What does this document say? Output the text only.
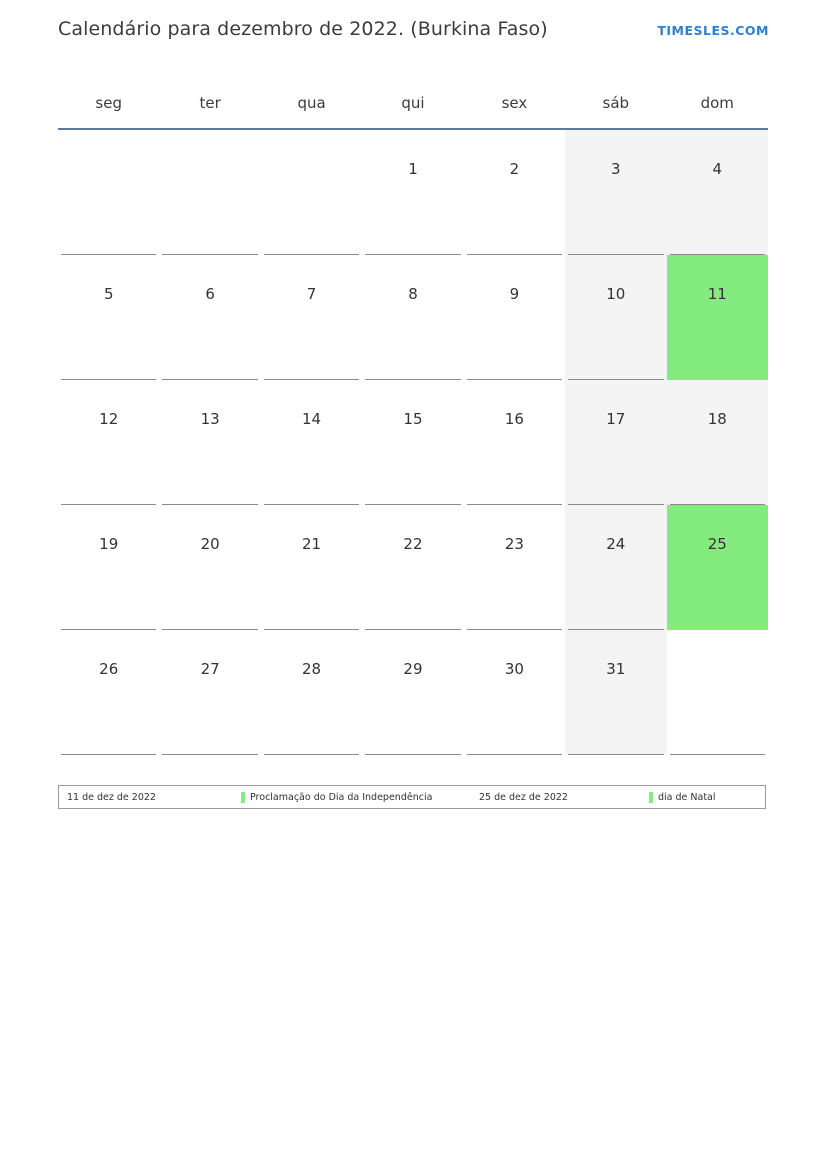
Calendário para dezembro de 2022. (Burkina Faso)	TIMESLES.COM
seg	ter	qua	qui	sex	sáb	dom

			1	2	3	4

5	6	7	8	9	10	11

12	13	14	15	16	17	18

19	20	21	22	23	24	25

26	27	28	29	30	31	

11 de dez de 2022	Proclamação do Dia da Independência	25 de dez de 2022	dia de Natal
